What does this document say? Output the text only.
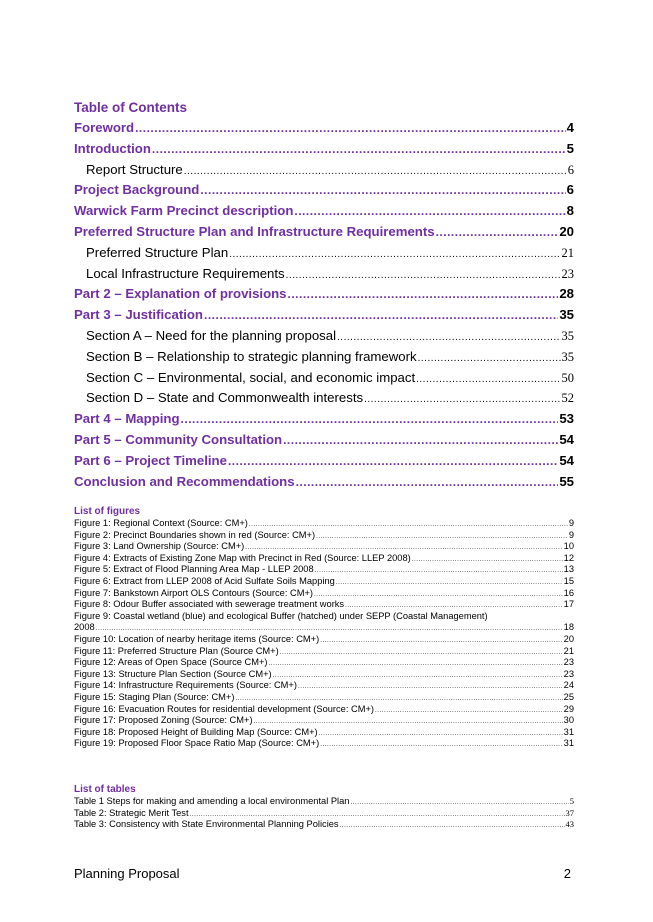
Table of Contents
Foreword .....	4
Introduction .....	5
Report Structure .....	6
Project Background .....	6
Warwick Farm Precinct description .....	8
Preferred Structure Plan and Infrastructure Requirements .....	20
Preferred Structure Plan .....	21
Local Infrastructure Requirements .....	23
Part 2 – Explanation of provisions .....	28
Part 3 – Justification .....	35
Section A – Need for the planning proposal .....	35
Section B – Relationship to strategic planning framework .....	35
Section C – Environmental, social, and economic impact .....	50
Section D – State and Commonwealth interests .....	52
Part 4 – Mapping .....	53
Part 5 – Community Consultation .....	54
Part 6 – Project Timeline .....	54
Conclusion and Recommendations .....	55
List of figures
Figure 1: Regional Context (Source: CM+) .....	9
Figure 2: Precinct Boundaries shown in red (Source: CM+) .....	9
Figure 3: Land Ownership (Source: CM+) .....	10
Figure 4: Extracts of Existing Zone Map with Precinct in Red (Source: LLEP 2008) .....	12
Figure 5: Extract of Flood Planning Area Map - LLEP 2008 .....	13
Figure 6: Extract from LLEP 2008 of Acid Sulfate Soils Mapping .....	15
Figure 7: Bankstown Airport OLS Contours (Source: CM+) .....	16
Figure 8: Odour Buffer associated with sewerage treatment works .....	17
Figure 9: Coastal wetland (blue) and ecological Buffer (hatched) under SEPP (Coastal Management)
2008 .....	18
Figure 10: Location of nearby heritage items (Source: CM+) .....	20
Figure 11: Preferred Structure Plan (Source CM+) .....	21
Figure 12: Areas of Open Space (Source CM+) .....	23
Figure 13: Structure Plan Section (Source CM+) .....	23
Figure 14: Infrastructure Requirements (Source: CM+) .....	24
Figure 15: Staging Plan (Source: CM+) .....	25
Figure 16: Evacuation Routes for residential development (Source: CM+) .....	29
Figure 17: Proposed Zoning (Source: CM+) .....	30
Figure 18: Proposed Height of Building Map (Source: CM+) .....	31
Figure 19: Proposed Floor Space Ratio Map (Source: CM+) .....	31
List of tables
Table 1 Steps for making and amending a local environmental Plan .....	5
Table 2: Strategic Merit Test .....	37
Table 3: Consistency with State Environmental Planning Policies .....	43
Planning Proposal	2
